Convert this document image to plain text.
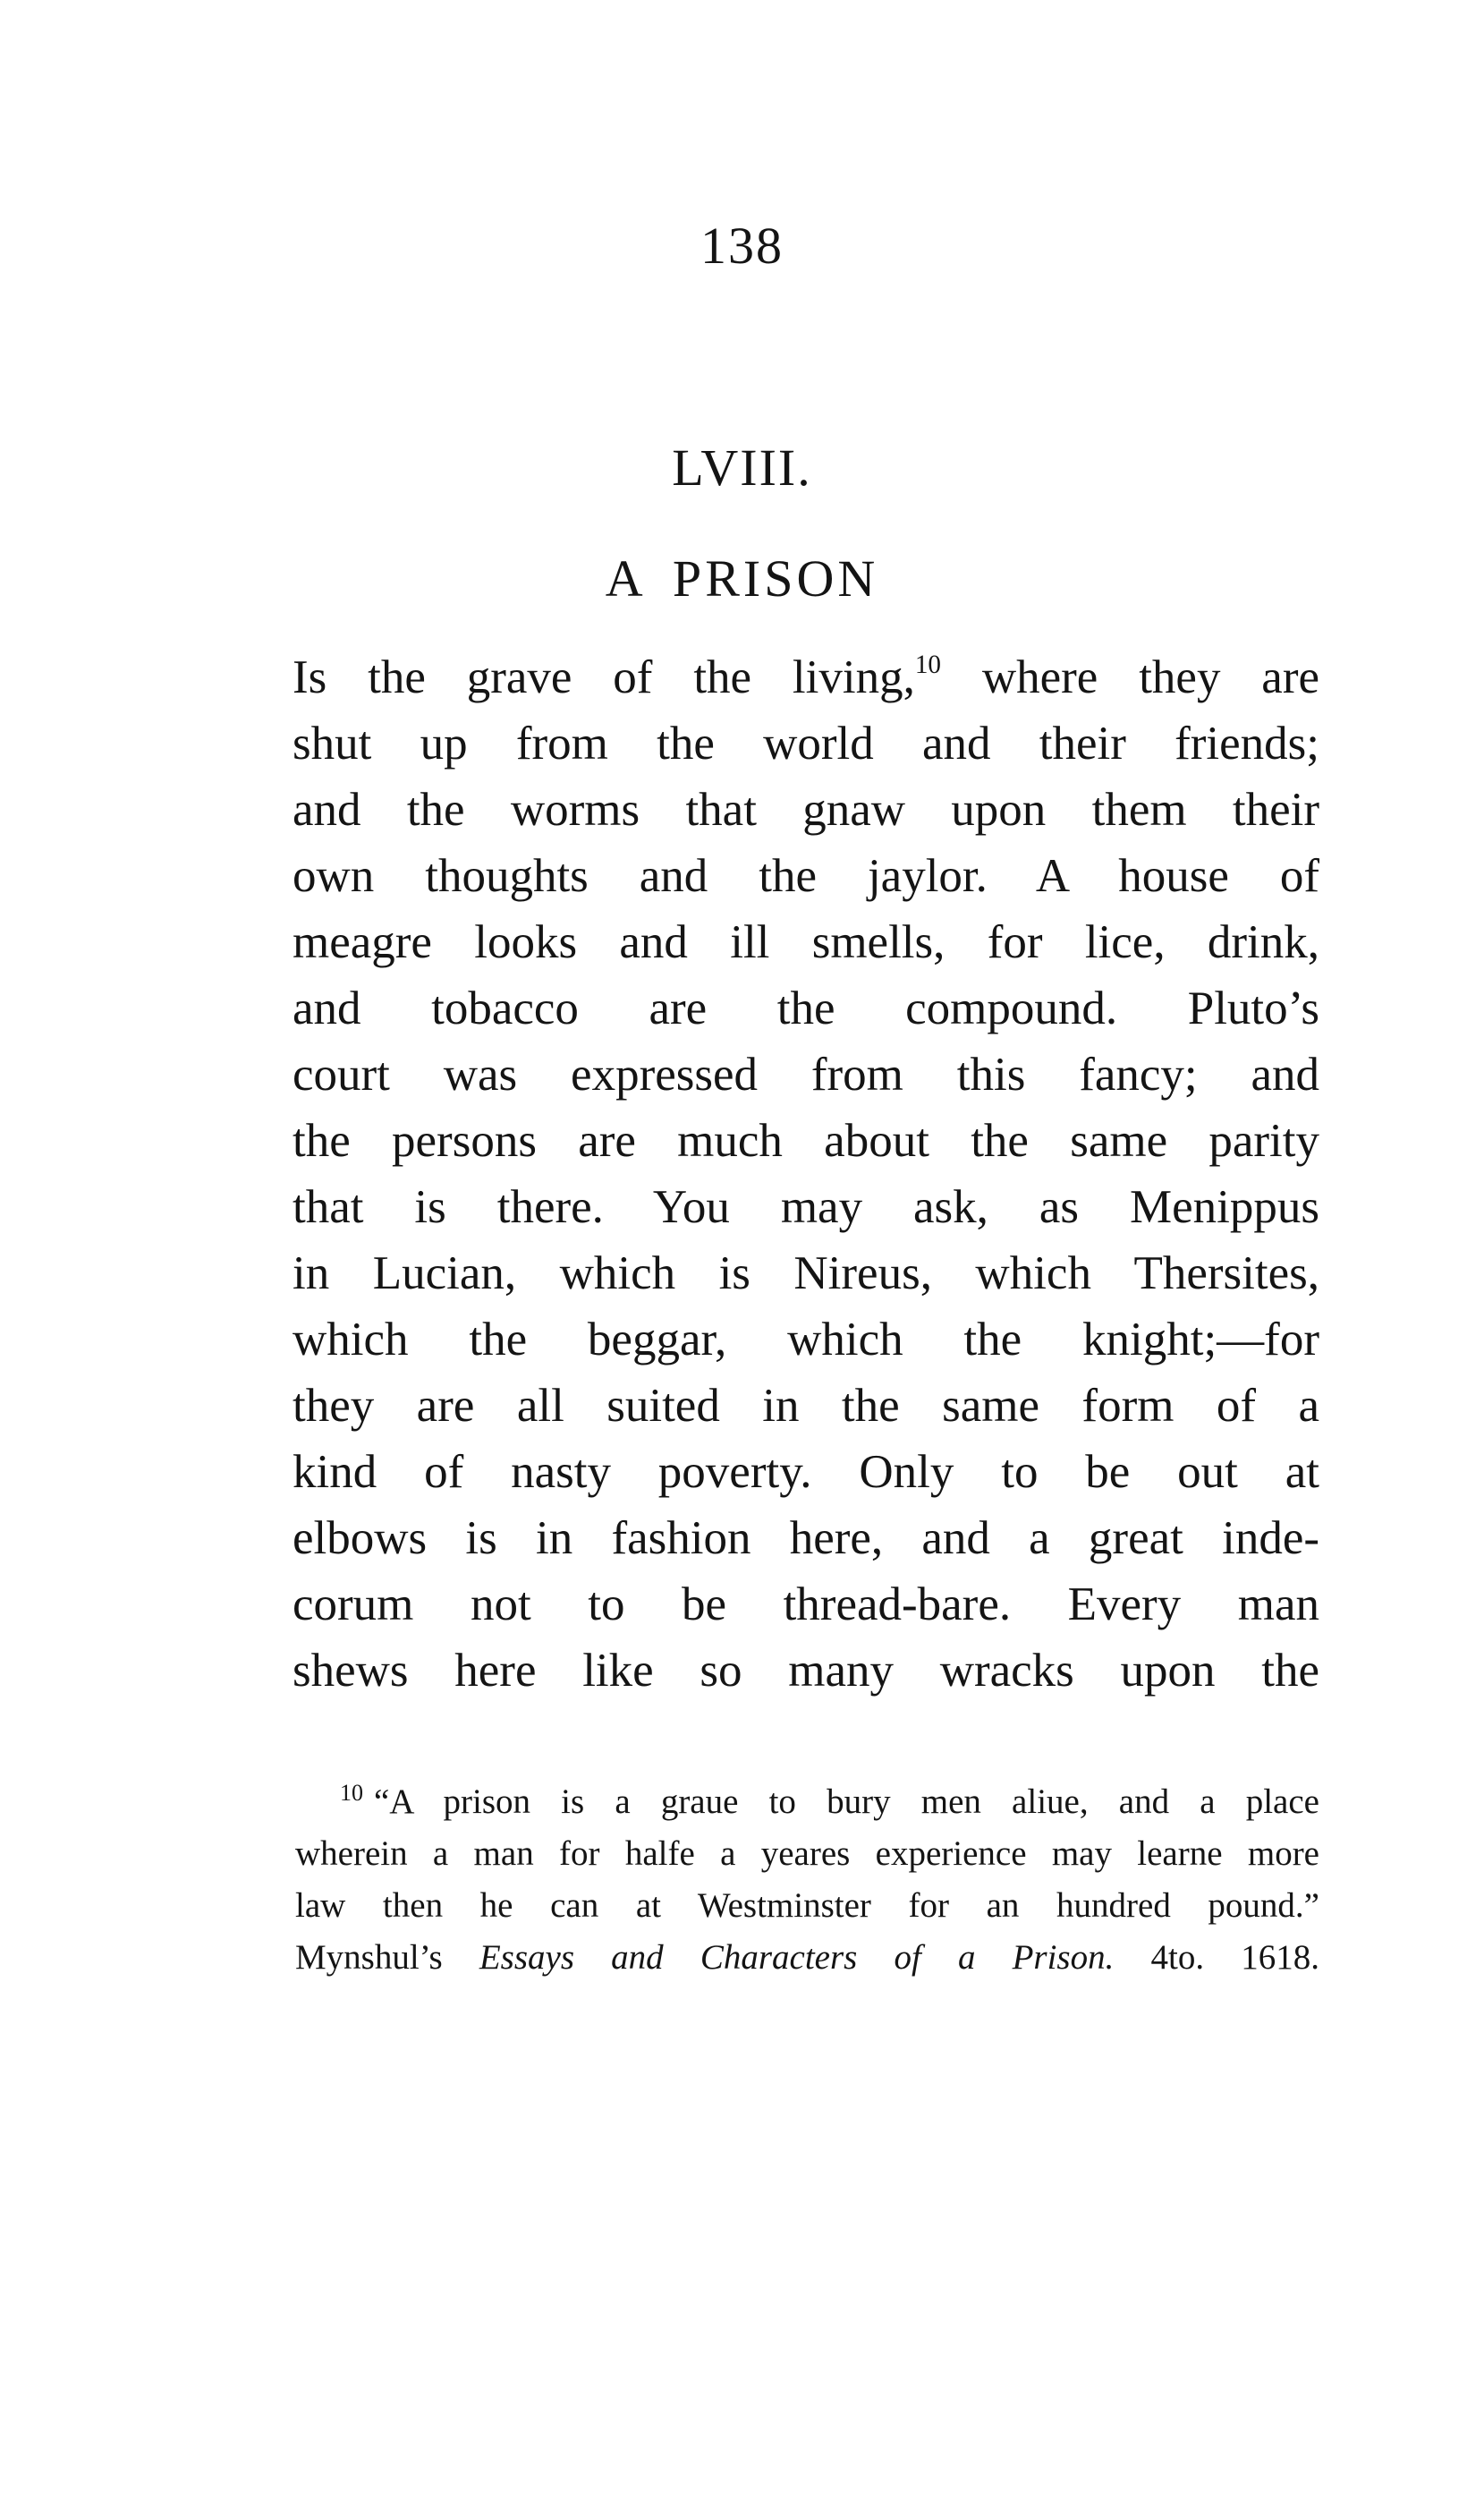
138
LVIII.
A PRISON
Is the grave of the living,$^{10}$ where they are
shut up from the world and their friends;
and the worms that gnaw upon them their
own thoughts and the jaylor. A house of
meagre looks and ill smells, for lice, drink,
and tobacco are the compound. Pluto’s
court was expressed from this fancy; and
the persons are much about the same parity
that is there. You may ask, as Menippus
in Lucian, which is Nireus, which Thersites,
which the beggar, which the knight;—for
they are all suited in the same form of a
kind of nasty poverty. Only to be out at
elbows is in fashion here, and a great inde-
corum not to be thread-bare. Every man
shews here like so many wracks upon the
$^{10}$ “A prison is a graue to bury men aliue, and a place
wherein a man for halfe a yeares experience may learne more
law then he can at Westminster for an hundred pound.”
Mynshul’s Essays and Characters of a Prison. 4to. 1618.
